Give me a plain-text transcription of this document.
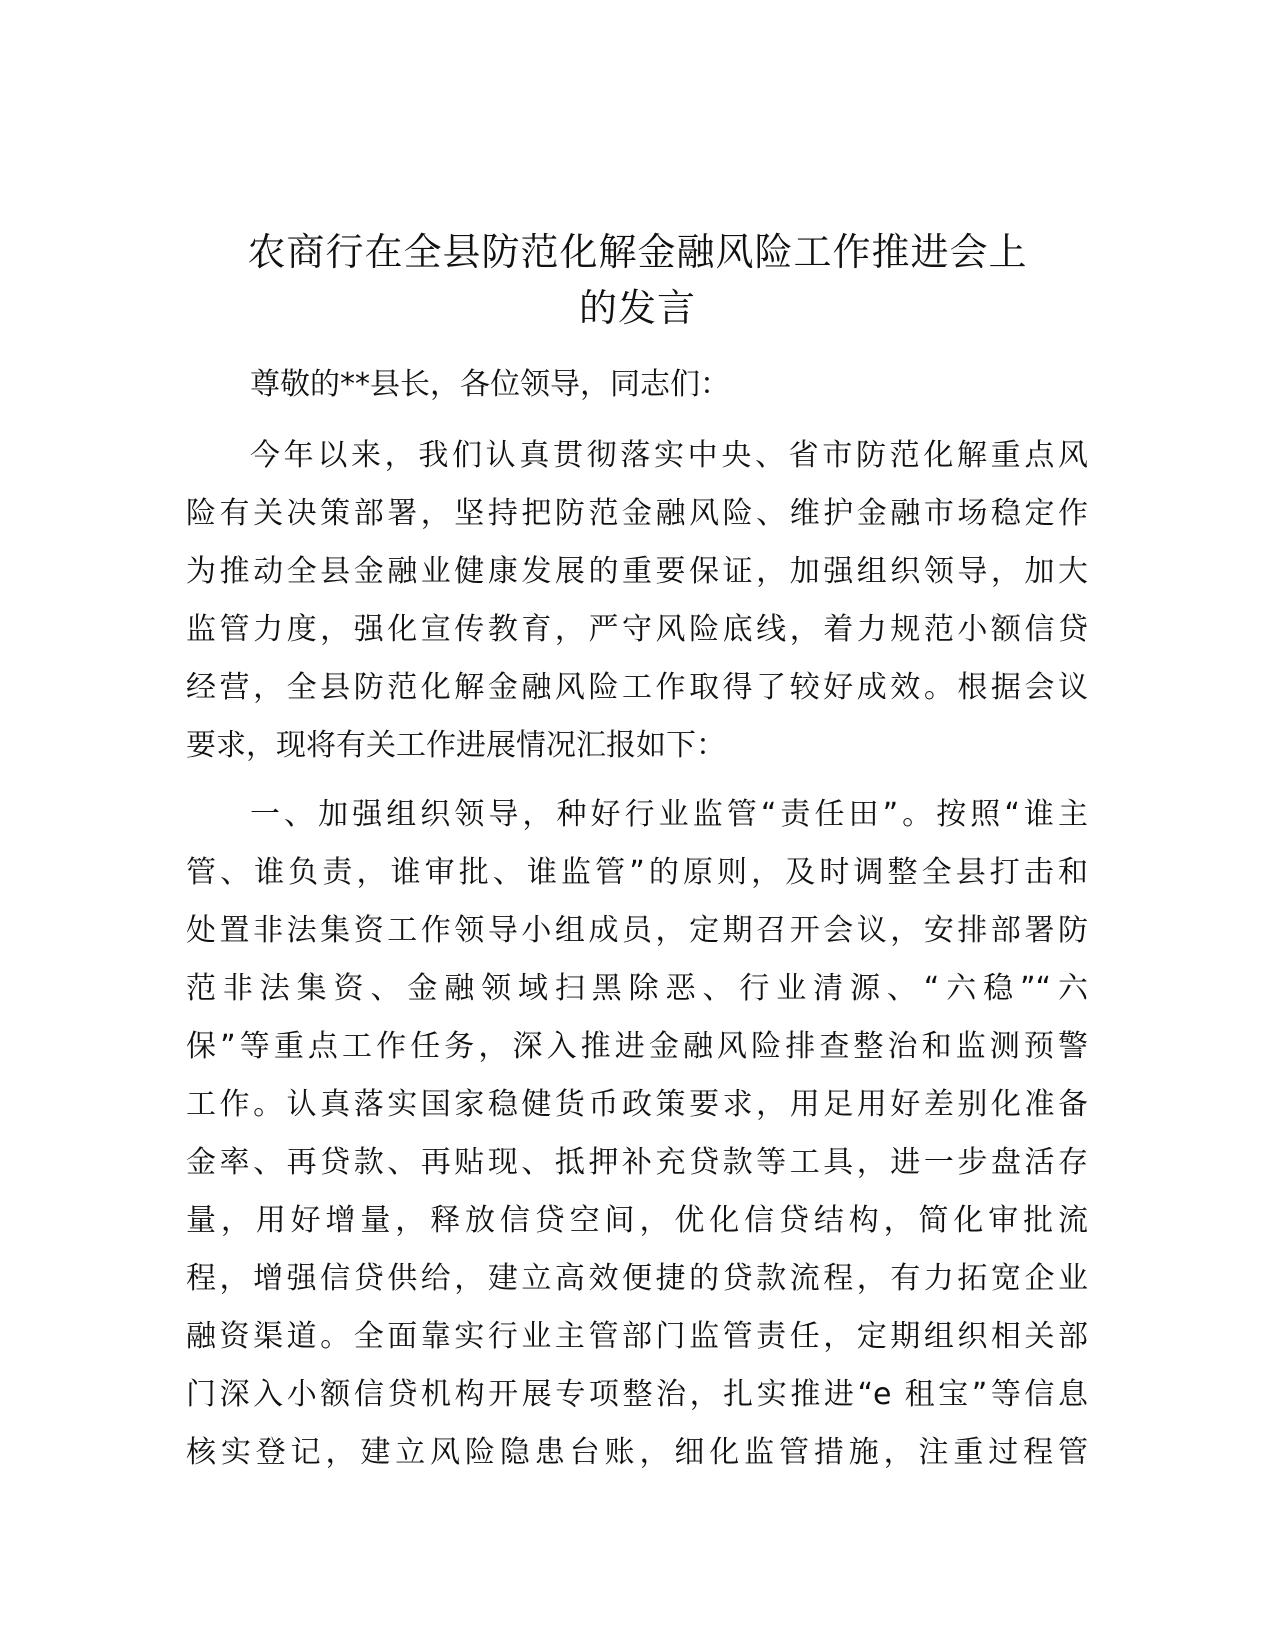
农商行在全县防范化解金融风险工作推进会上
的发言
尊敬的**县长，各位领导，同志们：
今年以来，我们认真贯彻落实中央、省市防范化解重点风
险有关决策部署，坚持把防范金融风险、维护金融市场稳定作
为推动全县金融业健康发展的重要保证，加强组织领导，加大
监管力度，强化宣传教育，严守风险底线，着力规范小额信贷
经营，全县防范化解金融风险工作取得了较好成效。根据会议
要求，现将有关工作进展情况汇报如下：
一、加强组织领导，种好行业监管“责任田”。按照“谁主
管、谁负责，谁审批、谁监管”的原则，及时调整全县打击和
处置非法集资工作领导小组成员，定期召开会议，安排部署防
范非法集资、金融领域扫黑除恶、行业清源、“六稳”“六
保”等重点工作任务，深入推进金融风险排查整治和监测预警
工作。认真落实国家稳健货币政策要求，用足用好差别化准备
金率、再贷款、再贴现、抵押补充贷款等工具，进一步盘活存
量，用好增量，释放信贷空间，优化信贷结构，简化审批流
程，增强信贷供给，建立高效便捷的贷款流程，有力拓宽企业
融资渠道。全面靠实行业主管部门监管责任，定期组织相关部
门深入小额信贷机构开展专项整治，扎实推进“e 租宝”等信息
核实登记，建立风险隐患台账，细化监管措施，注重过程管
